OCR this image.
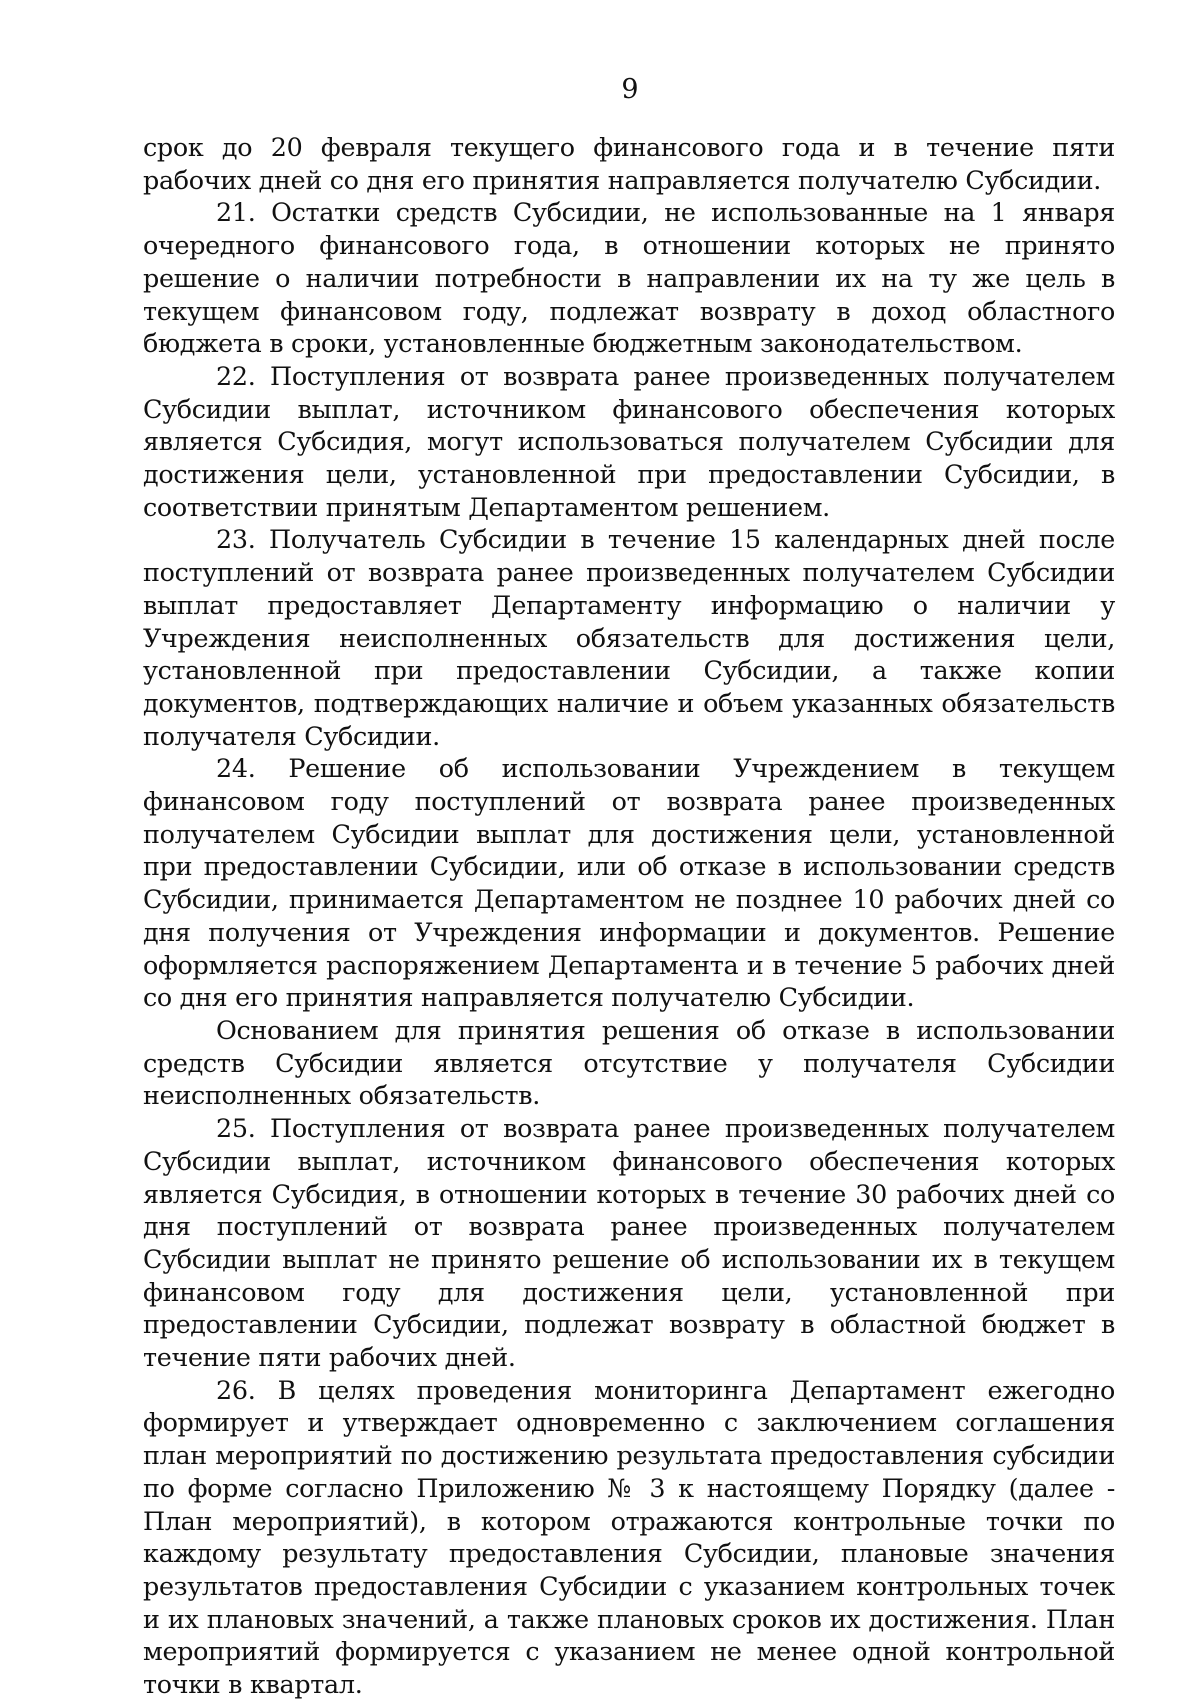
9

срок до 20 февраля текущего финансового года и в течение пяти рабочих дней со дня его принятия направляется получателю Субсидии.

21. Остатки средств Субсидии, не использованные на 1 января очередного финансового года, в отношении которых не принято решение о наличии потребности в направлении их на ту же цель в текущем финансовом году, подлежат возврату в доход областного бюджета в сроки, установленные бюджетным законодательством.

22. Поступления от возврата ранее произведенных получателем Субсидии выплат, источником финансового обеспечения которых является Субсидия, могут использоваться получателем Субсидии для достижения цели, установленной при предоставлении Субсидии, в соответствии принятым Департаментом решением.

23. Получатель Субсидии в течение 15 календарных дней после поступлений от возврата ранее произведенных получателем Субсидии выплат предоставляет Департаменту информацию о наличии у Учреждения неисполненных обязательств для достижения цели, установленной при предоставлении Субсидии, а также копии документов, подтверждающих наличие и объем указанных обязательств получателя Субсидии.

24. Решение об использовании Учреждением в текущем финансовом году поступлений от возврата ранее произведенных получателем Субсидии выплат для достижения цели, установленной при предоставлении Субсидии, или об отказе в использовании средств Субсидии, принимается Департаментом не позднее 10 рабочих дней со дня получения от Учреждения информации и документов. Решение оформляется распоряжением Департамента и в течение 5 рабочих дней со дня его принятия направляется получателю Субсидии.

Основанием для принятия решения об отказе в использовании средств Субсидии является отсутствие у получателя Субсидии неисполненных обязательств.

25. Поступления от возврата ранее произведенных получателем Субсидии выплат, источником финансового обеспечения которых является Субсидия, в отношении которых в течение 30 рабочих дней со дня поступлений от возврата ранее произведенных получателем Субсидии выплат не принято решение об использовании их в текущем финансовом году для достижения цели, установленной при предоставлении Субсидии, подлежат возврату в областной бюджет в течение пяти рабочих дней.

26. В целях проведения мониторинга Департамент ежегодно формирует и утверждает одновременно с заключением соглашения план мероприятий по достижению результата предоставления субсидии по форме согласно Приложению № 3 к настоящему Порядку (далее - План мероприятий), в котором отражаются контрольные точки по каждому результату предоставления Субсидии, плановые значения результатов предоставления Субсидии с указанием контрольных точек и их плановых значений, а также плановых сроков их достижения. План мероприятий формируется с указанием не менее одной контрольной точки в квартал.
